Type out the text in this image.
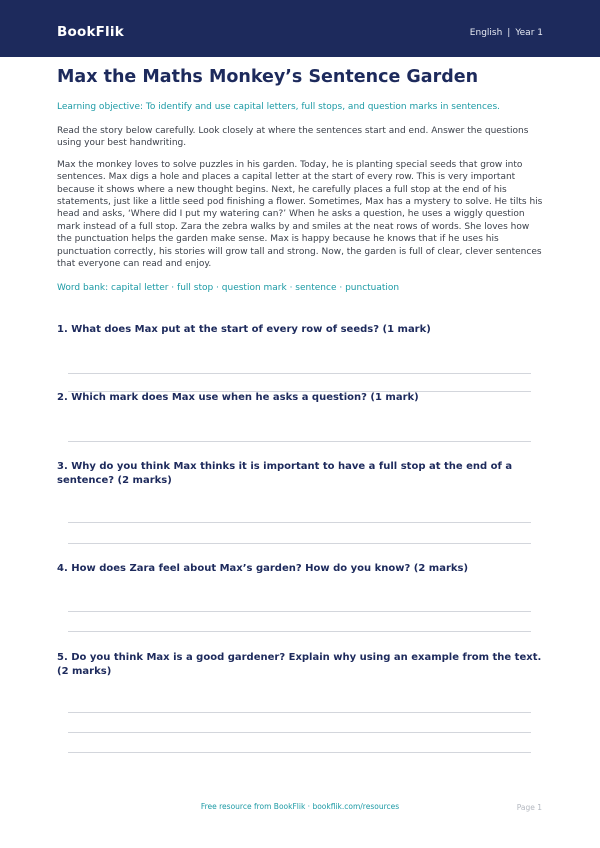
BookFlik	English | Year 1
Max the Maths Monkey’s Sentence Garden

Learning objective: To identify and use capital letters, full stops, and question marks in sentences.

Read the story below carefully. Look closely at where the sentences start and end. Answer the questions using your best handwriting.

Max the monkey loves to solve puzzles in his garden. Today, he is planting special seeds that grow into sentences. Max digs a hole and places a capital letter at the start of every row. This is very important because it shows where a new thought begins. Next, he carefully places a full stop at the end of his statements, just like a little seed pod finishing a flower. Sometimes, Max has a mystery to solve. He tilts his head and asks, ‘Where did I put my watering can?’ When he asks a question, he uses a wiggly question mark instead of a full stop. Zara the zebra walks by and smiles at the neat rows of words. She loves how the punctuation helps the garden make sense. Max is happy because he knows that if he uses his punctuation correctly, his stories will grow tall and strong. Now, the garden is full of clear, clever sentences that everyone can read and enjoy.

Word bank: capital letter · full stop · question mark · sentence · punctuation

1. What does Max put at the start of every row of seeds? (1 mark)
2. Which mark does Max use when he asks a question? (1 mark)
3. Why do you think Max thinks it is important to have a full stop at the end of a sentence? (2 marks)
4. How does Zara feel about Max’s garden? How do you know? (2 marks)
5. Do you think Max is a good gardener? Explain why using an example from the text. (2 marks)
Free resource from BookFlik · bookflik.com/resources	Page 1
